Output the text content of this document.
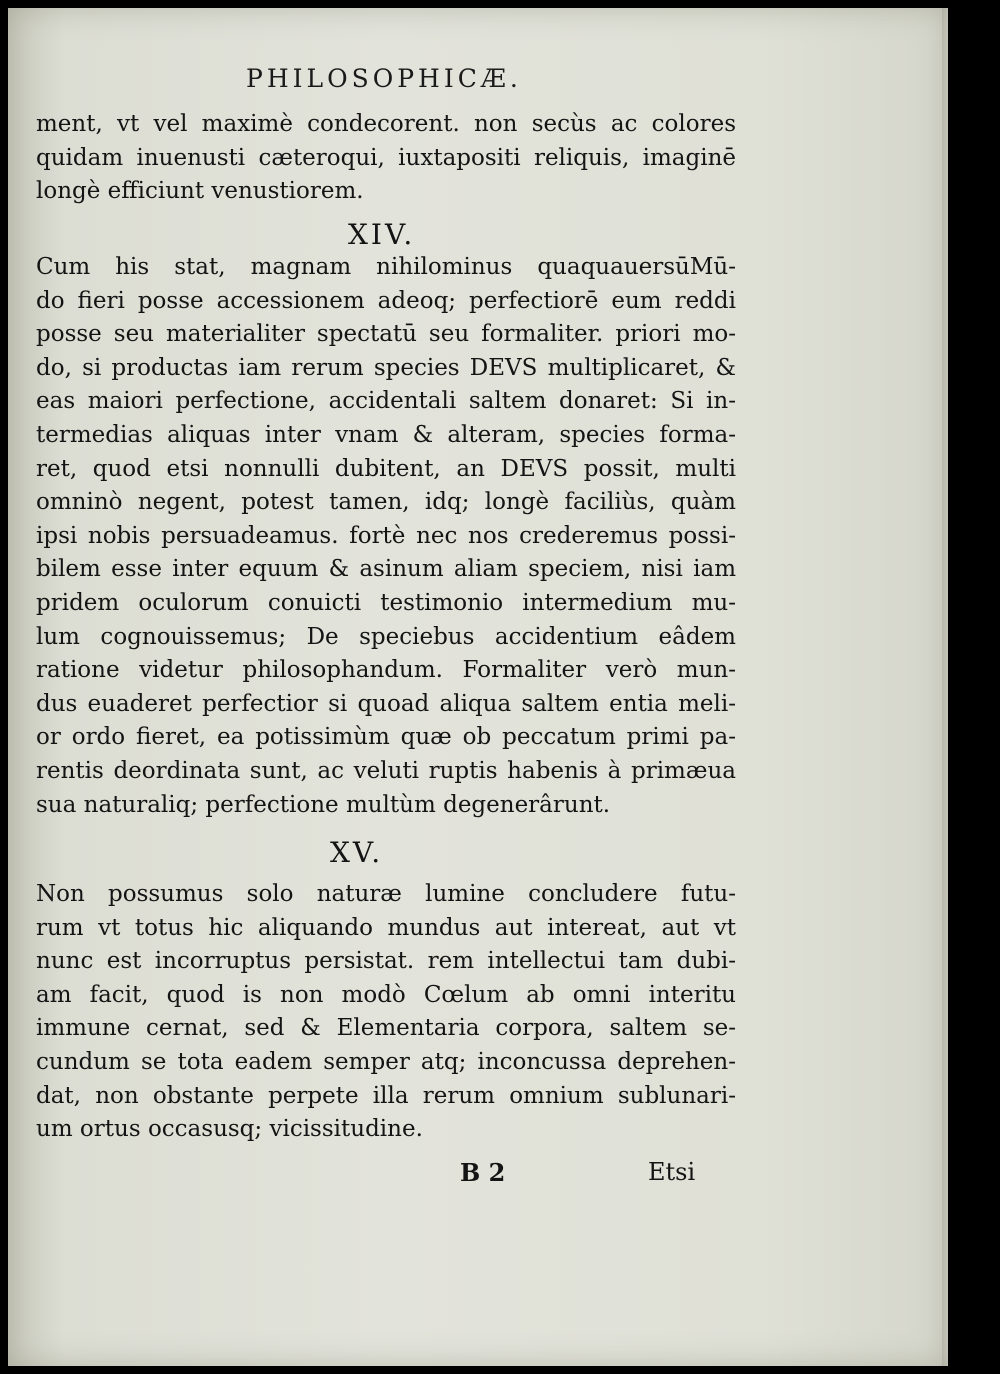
PHILOSOPHICÆ.
ment, vt vel maximè condecorent. non secùs ac colores
quidam inuenusti cæteroqui, iuxtapositi reliquis, imaginē
longè efficiunt venustiorem.
XIV.
Cum his stat, magnam nihilominus quaquauersūMū-
do fieri posse accessionem adeoq; perfectiorē eum reddi
posse seu materialiter spectatū seu formaliter. priori mo-
do, si productas iam rerum species DEVS multiplicaret, &
eas maiori perfectione, accidentali saltem donaret: Si in-
termedias aliquas inter vnam & alteram, species forma-
ret, quod etsi nonnulli dubitent, an DEVS possit, multi
omninò negent, potest tamen, idq; longè faciliùs, quàm
ipsi nobis persuadeamus. fortè nec nos crederemus possi-
bilem esse inter equum & asinum aliam speciem, nisi iam
pridem oculorum conuicti testimonio intermedium mu-
lum cognouissemus; De speciebus accidentium eâdem
ratione videtur philosophandum. Formaliter verò mun-
dus euaderet perfectior si quoad aliqua saltem entia meli-
or ordo fieret, ea potissimùm quæ ob peccatum primi pa-
rentis deordinata sunt, ac veluti ruptis habenis à primæua
sua naturaliq; perfectione multùm degenerârunt.
XV.
Non possumus solo naturæ lumine concludere futu-
rum vt totus hic aliquando mundus aut intereat, aut vt
nunc est incorruptus persistat. rem intellectui tam dubi-
am facit, quod is non modò Cœlum ab omni interitu
immune cernat, sed & Elementaria corpora, saltem se-
cundum se tota eadem semper atq; inconcussa deprehen-
dat, non obstante perpete illa rerum omnium sublunari-
um ortus occasusq; vicissitudine.
B 2	Etsi
